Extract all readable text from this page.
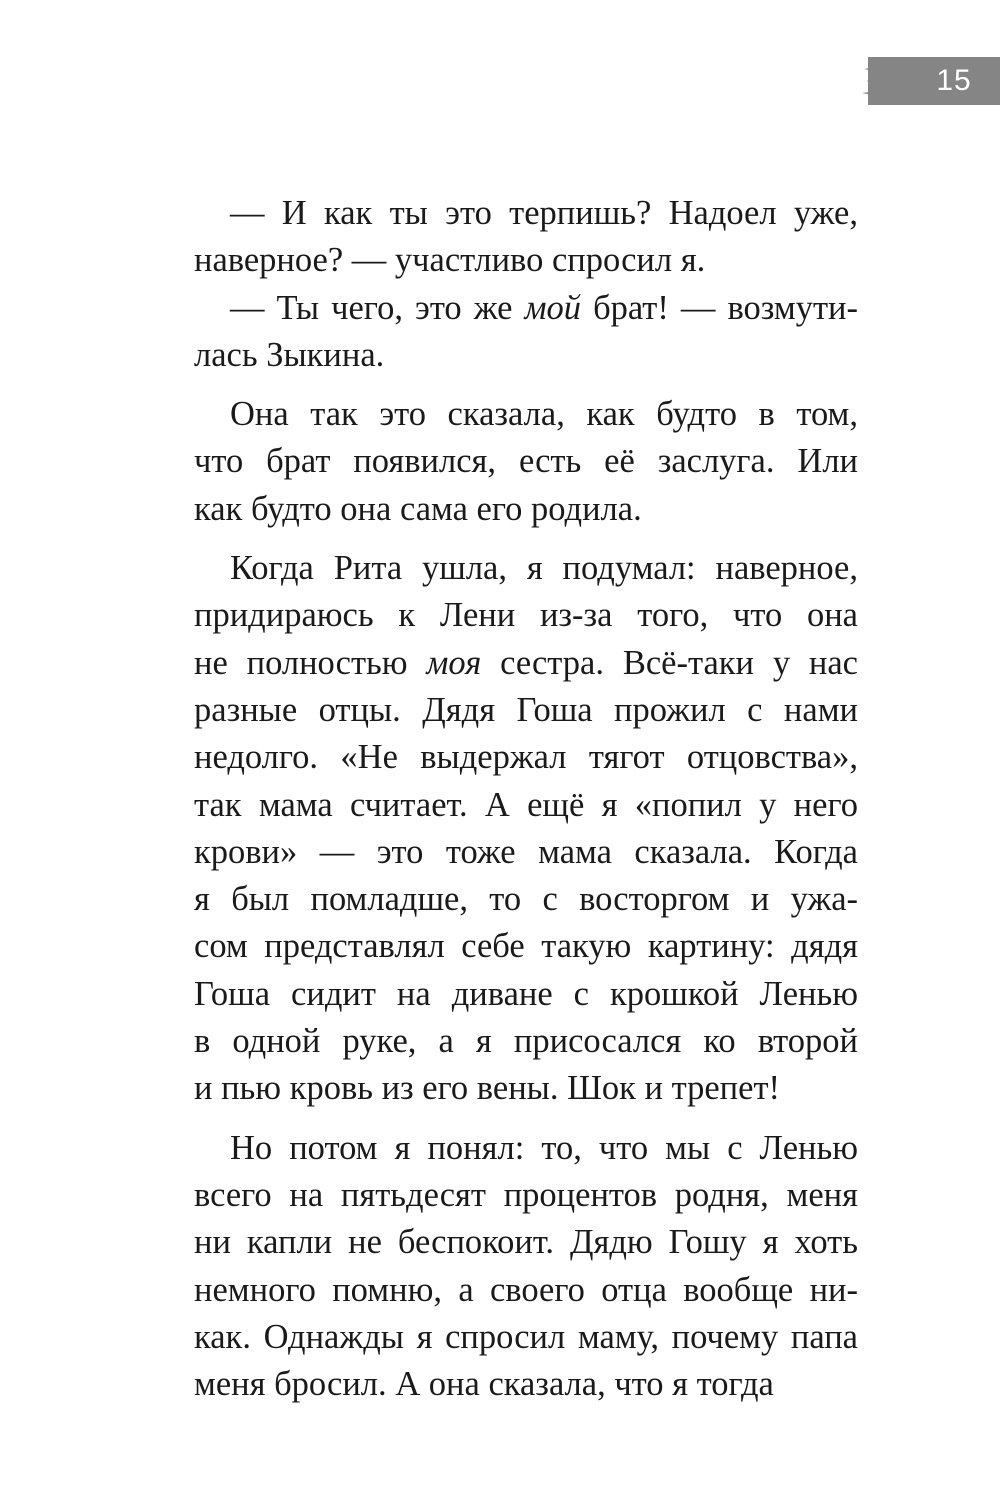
15
— И как ты это терпишь? Надоел уже,
наверное? — участливо спросил я.
— Ты чего, это же мой брат! — возмути-
лась Зыкина.
Она так это сказала, как будто в том,
что брат появился, есть её заслуга. Или
как будто она сама его родила.
Когда Рита ушла, я подумал: наверное,
придираюсь к Лени из-за того, что она
не полностью моя сестра. Всё-таки у нас
разные отцы. Дядя Гоша прожил с нами
недолго. «Не выдержал тягот отцовства»,
так мама считает. А ещё я «попил у него
крови» — это тоже мама сказала. Когда
я был помладше, то с восторгом и ужа-
сом представлял себе такую картину: дядя
Гоша сидит на диване с крошкой Ленью
в одной руке, а я присосался ко второй
и пью кровь из его вены. Шок и трепет!
Но потом я понял: то, что мы с Ленью
всего на пятьдесят процентов родня, меня
ни капли не беспокоит. Дядю Гошу я хоть
немного помню, а своего отца вообще ни-
как. Однажды я спросил маму, почему папа
меня бросил. А она сказала, что я тогда
